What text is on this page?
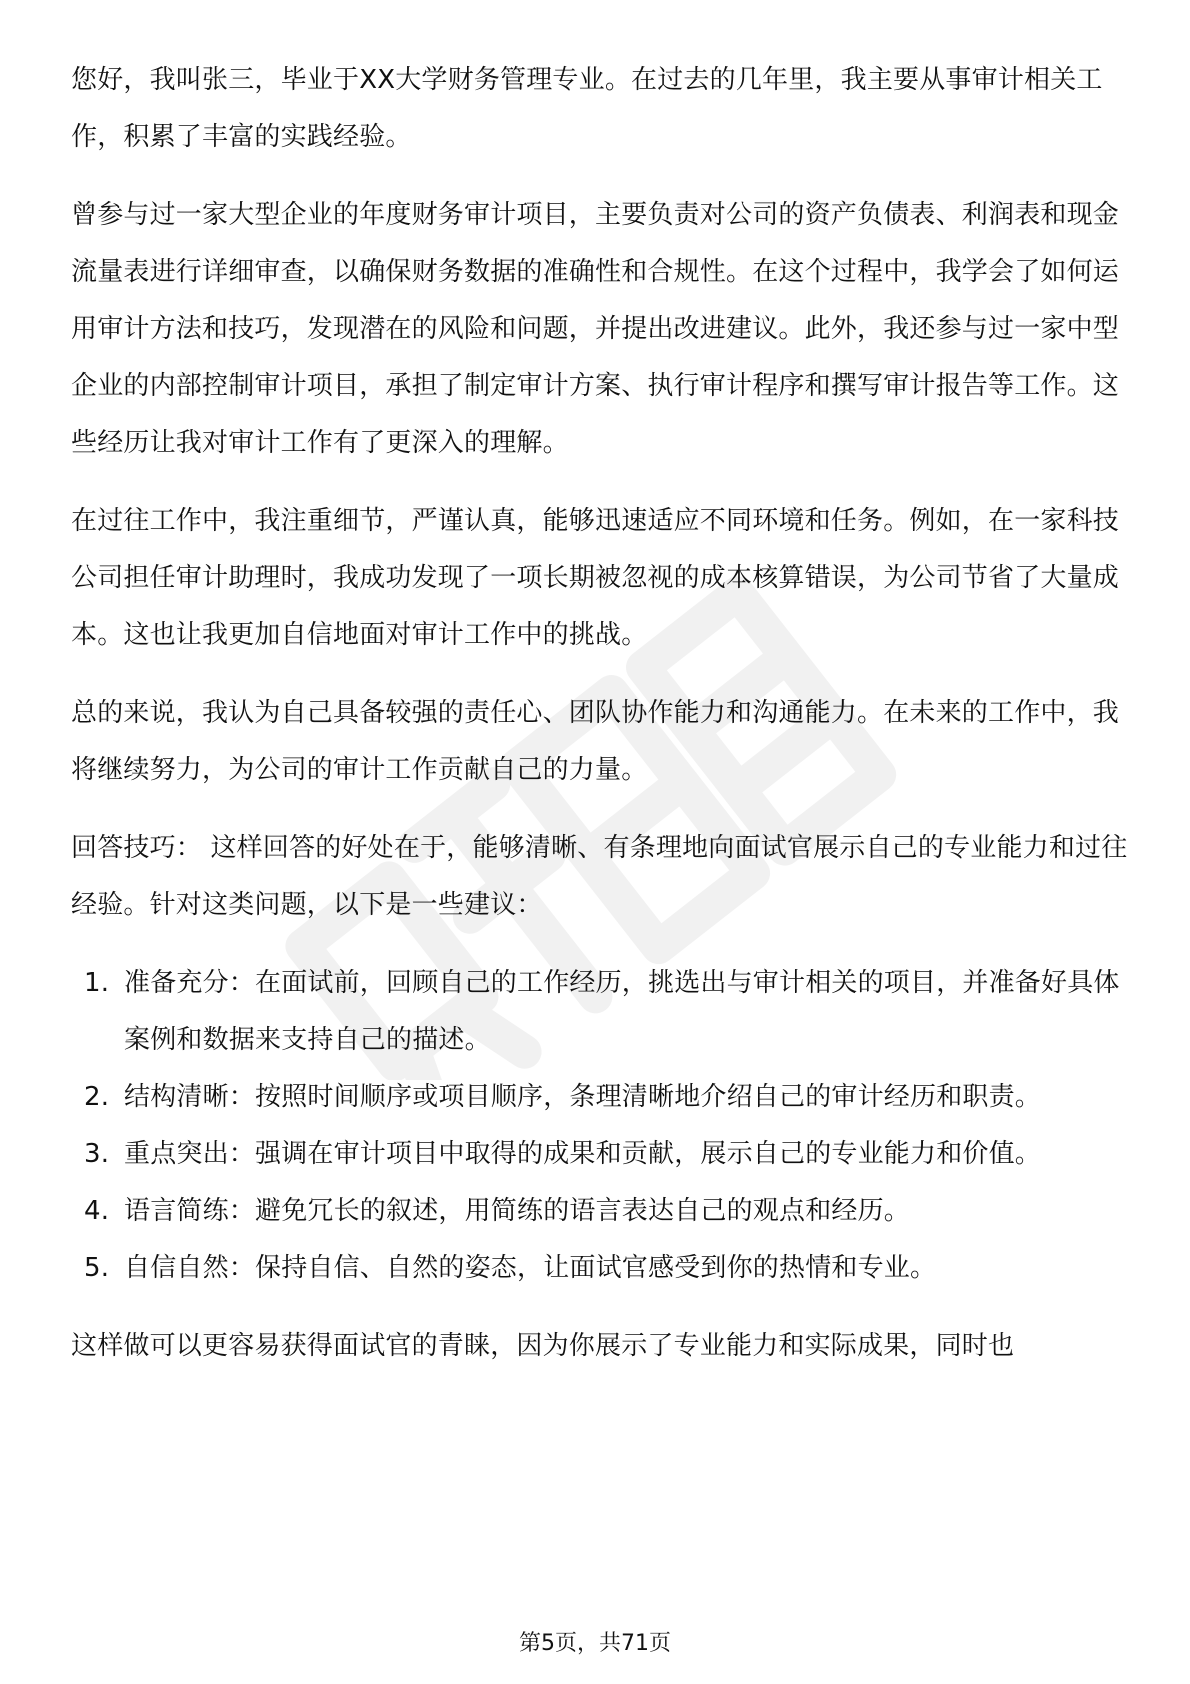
您好，我叫张三，毕业于XX大学财务管理专业。在过去的几年里，我主要从事审计相关工作，积累了丰富的实践经验。

曾参与过一家大型企业的年度财务审计项目，主要负责对公司的资产负债表、利润表和现金流量表进行详细审查，以确保财务数据的准确性和合规性。在这个过程中，我学会了如何运用审计方法和技巧，发现潜在的风险和问题，并提出改进建议。此外，我还参与过一家中型企业的内部控制审计项目，承担了制定审计方案、执行审计程序和撰写审计报告等工作。这些经历让我对审计工作有了更深入的理解。

在过往工作中，我注重细节，严谨认真，能够迅速适应不同环境和任务。例如，在一家科技公司担任审计助理时，我成功发现了一项长期被忽视的成本核算错误，为公司节省了大量成本。这也让我更加自信地面对审计工作中的挑战。

总的来说，我认为自己具备较强的责任心、团队协作能力和沟通能力。在未来的工作中，我将继续努力，为公司的审计工作贡献自己的力量。

回答技巧： 这样回答的好处在于，能够清晰、有条理地向面试官展示自己的专业能力和过往经验。针对这类问题，以下是一些建议：

1. 准备充分：在面试前，回顾自己的工作经历，挑选出与审计相关的项目，并准备好具体案例和数据来支持自己的描述。
2. 结构清晰：按照时间顺序或项目顺序，条理清晰地介绍自己的审计经历和职责。
3. 重点突出：强调在审计项目中取得的成果和贡献，展示自己的专业能力和价值。
4. 语言简练：避免冗长的叙述，用简练的语言表达自己的观点和经历。
5. 自信自然：保持自信、自然的姿态，让面试官感受到你的热情和专业。

这样做可以更容易获得面试官的青睐，因为你展示了专业能力和实际成果，同时也

第5页，共71页
